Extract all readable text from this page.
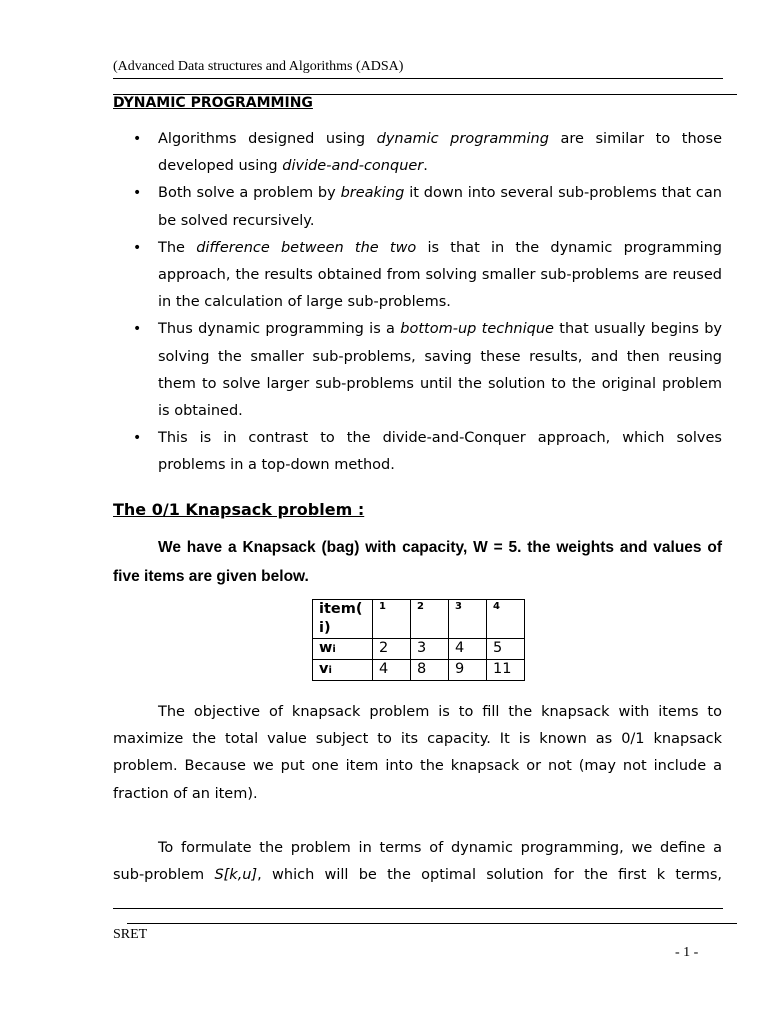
(Advanced Data structures and Algorithms (ADSA)
DYNAMIC PROGRAMMING
• Algorithms designed using dynamic programming are similar to those developed using divide-and-conquer.
• Both solve a problem by breaking it down into several sub-problems that can be solved recursively.
• The difference between the two is that in the dynamic programming approach, the results obtained from solving smaller sub-problems are reused in the calculation of large sub-problems.
• Thus dynamic programming is a bottom-up technique that usually begins by solving the smaller sub-problems, saving these results, and then reusing them to solve larger sub-problems until the solution to the original problem is obtained.
• This is in contrast to the divide-and-Conquer approach, which solves problems in a top-down method.
The 0/1 Knapsack problem :
We have a Knapsack (bag) with capacity, W = 5. the weights and values of five items are given below.
item( i)	1	2	3	4
wi	2	3	4	5
vi	4	8	9	11

The objective of knapsack problem is to fill the knapsack with items to maximize the total value subject to its capacity. It is known as 0/1 knapsack problem. Because we put one item into the knapsack or not (may not include a fraction of an item).

To formulate the problem in terms of dynamic programming, we define a sub-problem S[k,u], which will be the optimal solution for the first k terms,

SRET
- 1 -
